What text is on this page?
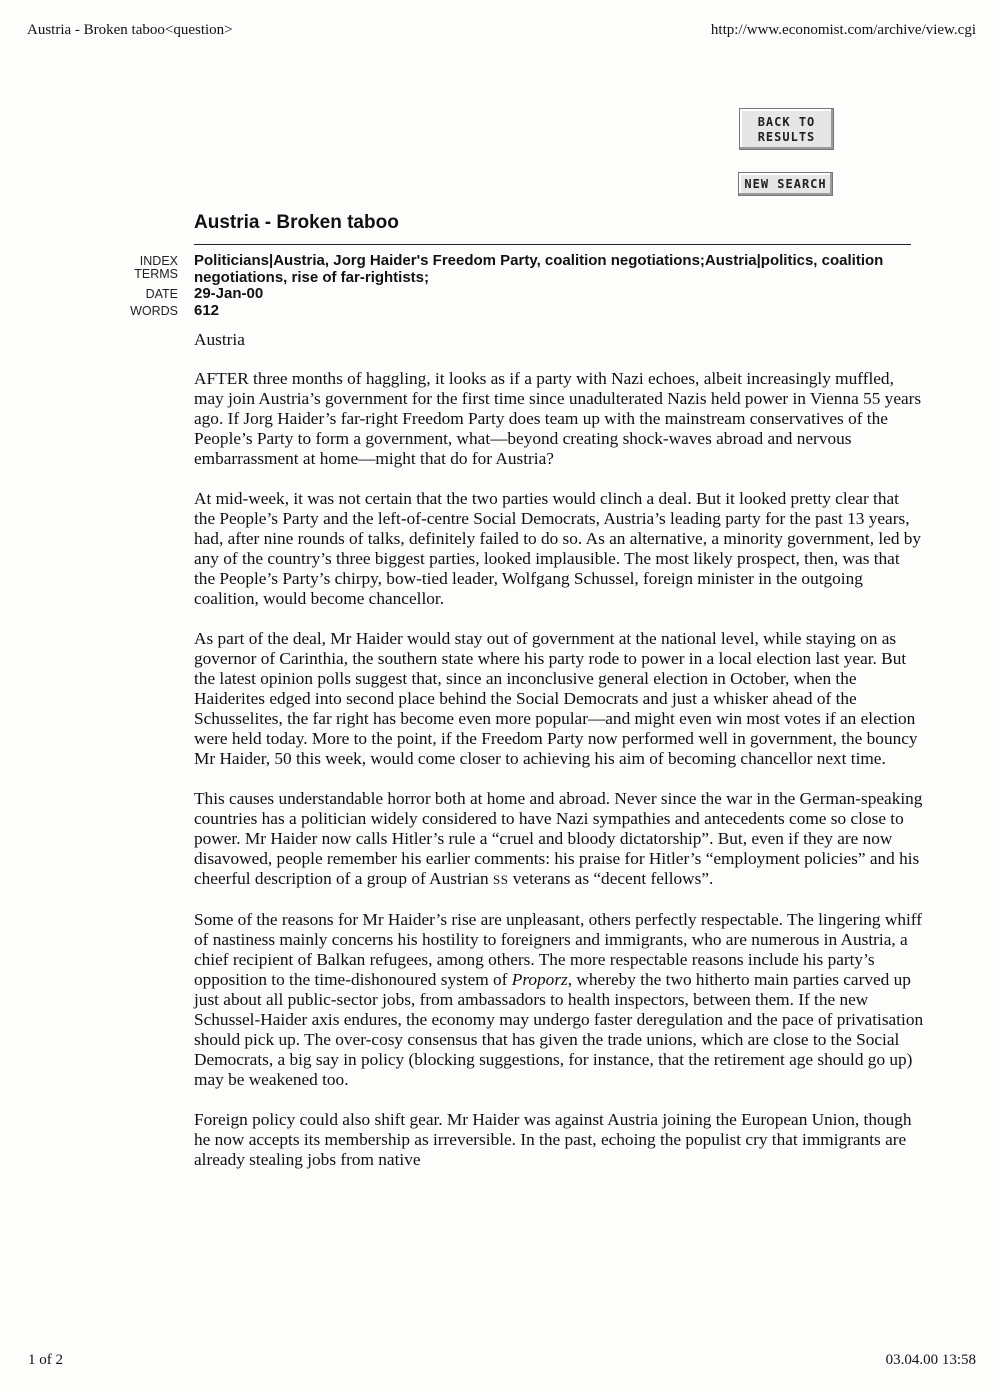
Austria - Broken taboo<question>	http://www.economist.com/archive/view.cgi
BACK TO
RESULTS
NEW SEARCH
Austria - Broken taboo
INDEX
TERMS
Politicians|Austria, Jorg Haider's Freedom Party, coalition negotiations;Austria|politics, coalition negotiations, rise of far-rightists;
DATE 29-Jan-00
WORDS 612
Austria

AFTER three months of haggling, it looks as if a party with Nazi echoes, albeit increasingly muffled, may join Austria’s government for the first time since unadulterated Nazis held power in Vienna 55 years ago. If Jorg Haider’s far-right Freedom Party does team up with the mainstream conservatives of the People’s Party to form a government, what—beyond creating shock-waves abroad and nervous embarrassment at home—might that do for Austria?

At mid-week, it was not certain that the two parties would clinch a deal. But it looked pretty clear that the People’s Party and the left-of-centre Social Democrats, Austria’s leading party for the past 13 years, had, after nine rounds of talks, definitely failed to do so. As an alternative, a minority government, led by any of the country’s three biggest parties, looked implausible. The most likely prospect, then, was that the People’s Party’s chirpy, bow-tied leader, Wolfgang Schussel, foreign minister in the outgoing coalition, would become chancellor.

As part of the deal, Mr Haider would stay out of government at the national level, while staying on as governor of Carinthia, the southern state where his party rode to power in a local election last year. But the latest opinion polls suggest that, since an inconclusive general election in October, when the Haiderites edged into second place behind the Social Democrats and just a whisker ahead of the Schusselites, the far right has become even more popular—and might even win most votes if an election were held today. More to the point, if the Freedom Party now performed well in government, the bouncy Mr Haider, 50 this week, would come closer to achieving his aim of becoming chancellor next time.

This causes understandable horror both at home and abroad. Never since the war in the German-speaking countries has a politician widely considered to have Nazi sympathies and antecedents come so close to power. Mr Haider now calls Hitler’s rule a “cruel and bloody dictatorship”. But, even if they are now disavowed, people remember his earlier comments: his praise for Hitler’s “employment policies” and his cheerful description of a group of Austrian SS veterans as “decent fellows”.

Some of the reasons for Mr Haider’s rise are unpleasant, others perfectly respectable. The lingering whiff of nastiness mainly concerns his hostility to foreigners and immigrants, who are numerous in Austria, a chief recipient of Balkan refugees, among others. The more respectable reasons include his party’s opposition to the time-dishonoured system of Proporz, whereby the two hitherto main parties carved up just about all public-sector jobs, from ambassadors to health inspectors, between them. If the new Schussel-Haider axis endures, the economy may undergo faster deregulation and the pace of privatisation should pick up. The over-cosy consensus that has given the trade unions, which are close to the Social Democrats, a big say in policy (blocking suggestions, for instance, that the retirement age should go up) may be weakened too.

Foreign policy could also shift gear. Mr Haider was against Austria joining the European Union, though he now accepts its membership as irreversible. In the past, echoing the populist cry that immigrants are already stealing jobs from native

1 of 2	03.04.00 13:58
